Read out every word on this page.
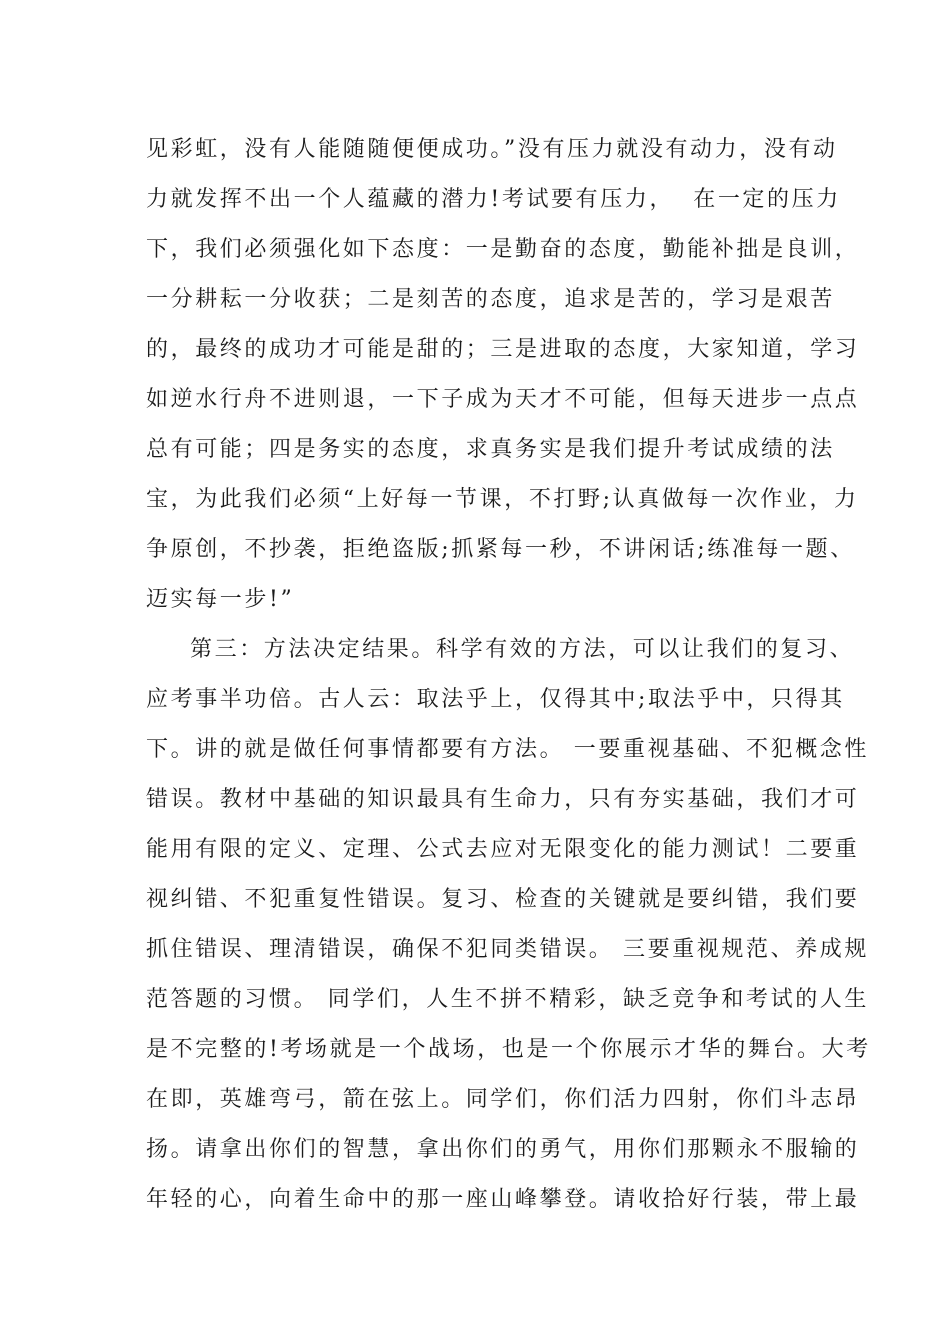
见彩虹，没有人能随随便便成功。”没有压力就没有动力，没有动
力就发挥不出一个人蕴藏的潜力!考试要有压力，  在一定的压力
下，我们必须强化如下态度：一是勤奋的态度，勤能补拙是良训，
一分耕耘一分收获；二是刻苦的态度，追求是苦的，学习是艰苦
的，最终的成功才可能是甜的；三是进取的态度，大家知道，学习
如逆水行舟不进则退，一下子成为天才不可能，但每天进步一点点
总有可能；四是务实的态度，求真务实是我们提升考试成绩的法
宝，为此我们必须“上好每一节课，不打野;认真做每一次作业，力
争原创，不抄袭，拒绝盗版;抓紧每一秒，不讲闲话;练准每一题、
迈实每一步!”
第三：方法决定结果。科学有效的方法，可以让我们的复习、
应考事半功倍。古人云：取法乎上，仅得其中;取法乎中，只得其
下。讲的就是做任何事情都要有方法。 一要重视基础、不犯概念性
错误。教材中基础的知识最具有生命力，只有夯实基础，我们才可
能用有限的定义、定理、公式去应对无限变化的能力测试！二要重
视纠错、不犯重复性错误。复习、检查的关键就是要纠错，我们要
抓住错误、理清错误，确保不犯同类错误。 三要重视规范、养成规
范答题的习惯。 同学们，人生不拼不精彩，缺乏竞争和考试的人生
是不完整的!考场就是一个战场，也是一个你展示才华的舞台。大考
在即，英雄弯弓，箭在弦上。同学们，你们活力四射，你们斗志昂
扬。请拿出你们的智慧，拿出你们的勇气，用你们那颗永不服输的
年轻的心，向着生命中的那一座山峰攀登。请收拾好行装，带上最
